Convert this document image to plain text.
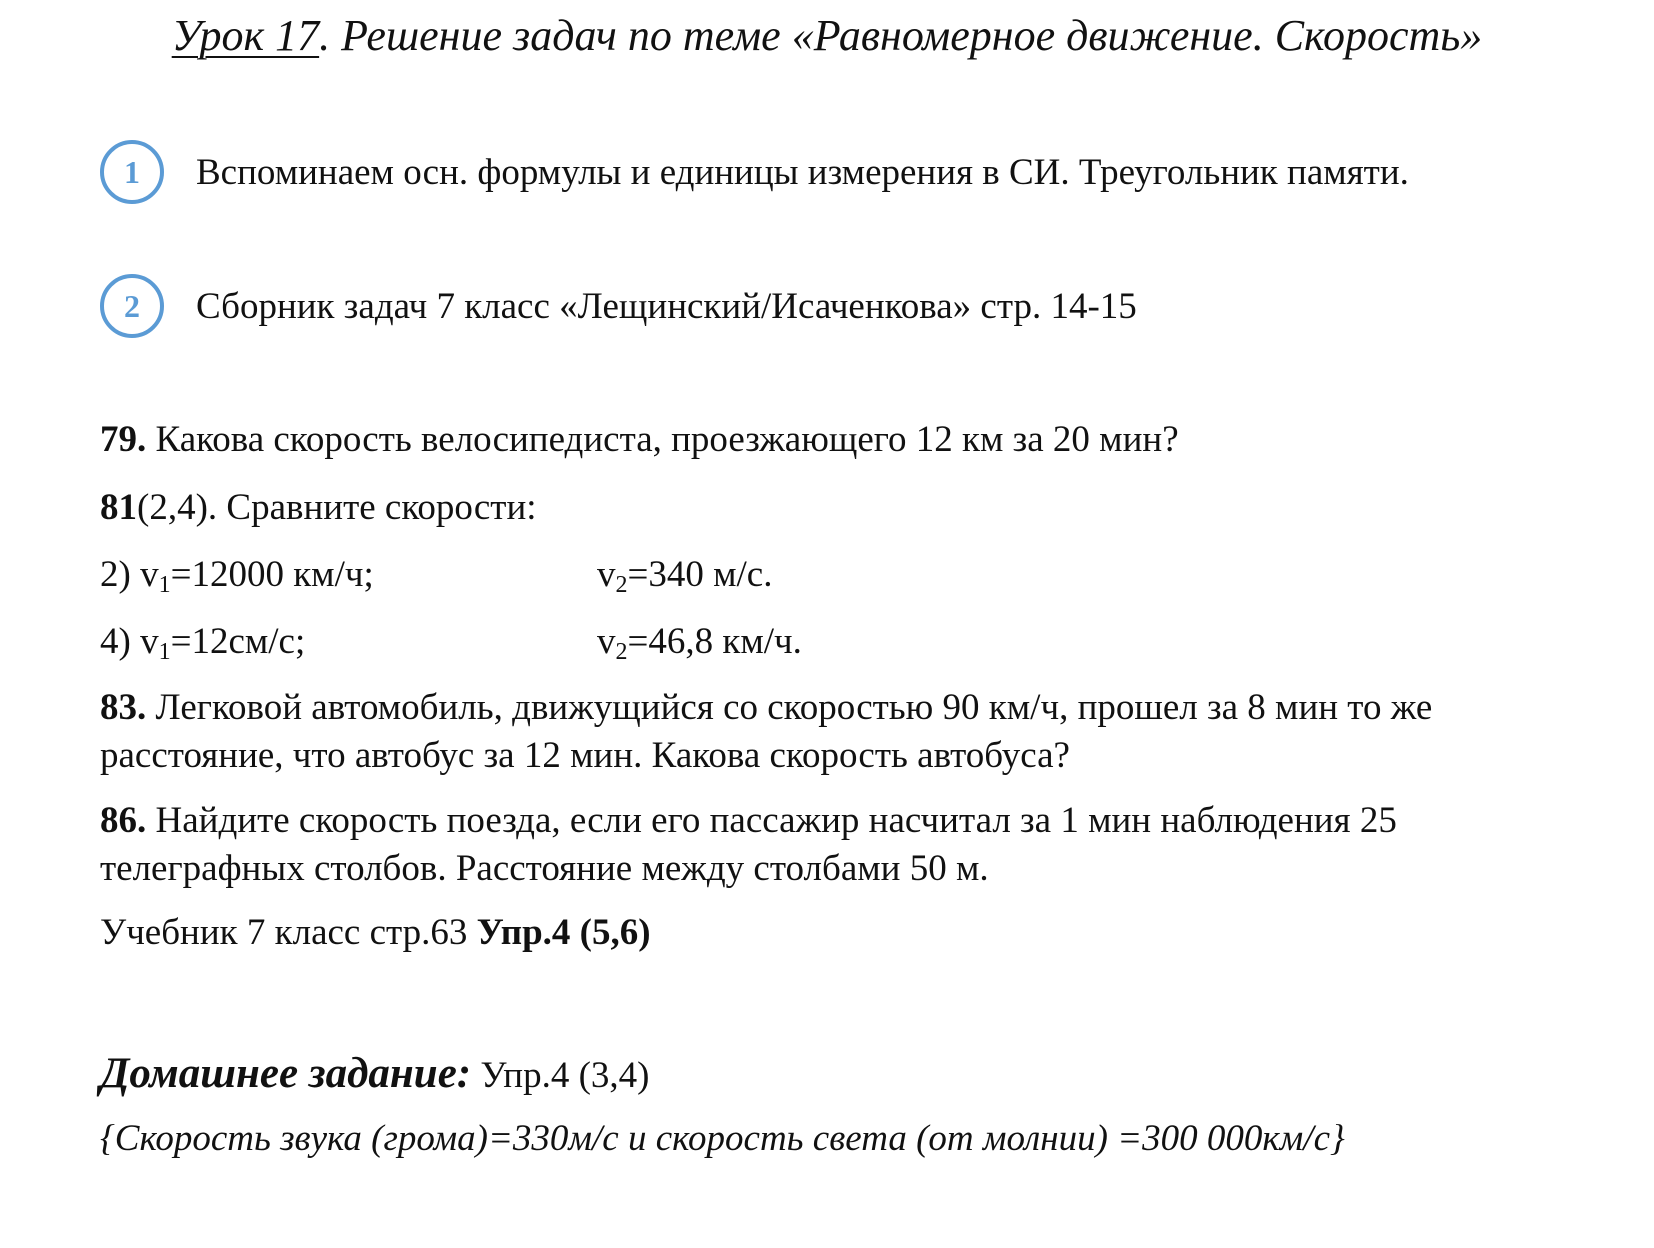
Урок 17. Решение задач по теме «Равномерное движение. Скорость»
1	Вспоминаем осн. формулы и единицы измерения в СИ. Треугольник памяти.
2	Сборник задач 7 класс «Лещинский/Исаченкова» стр. 14-15
79. Какова скорость велосипедиста, проезжающего 12 км за 20 мин?
81(2,4). Сравните скорости:
2) $v_1=12000$ км/ч;	$v_2=340$ м/с.
4) $v_1=12см/с$;	$v_2=46,8$ км/ч.
83. Легковой автомобиль, движущийся со скоростью 90 км/ч, прошел за 8 мин то же
расстояние, что автобус за 12 мин. Какова скорость автобуса?
86. Найдите скорость поезда, если его пассажир насчитал за 1 мин наблюдения 25
телеграфных столбов. Расстояние между столбами 50 м.
Учебник 7 класс стр.63 Упр.4 (5,6)
Домашнее задание: Упр.4 (3,4)
{Скорость звука (грома)=330м/с и скорость света (от молнии) =300 000км/с}
